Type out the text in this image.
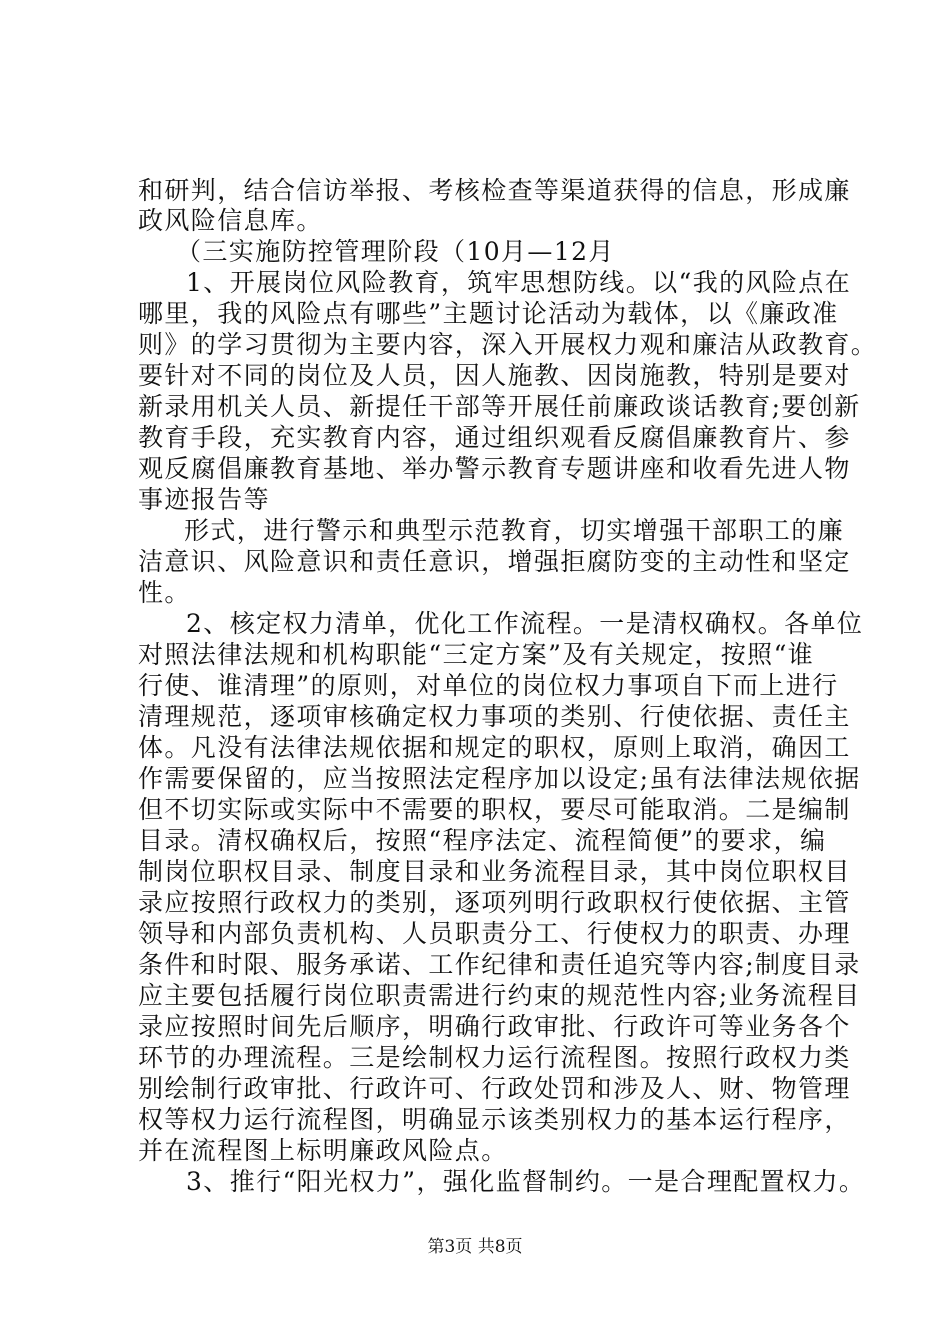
和研判，结合信访举报、考核检查等渠道获得的信息，形成廉
政风险信息库。
（三实施防控管理阶段（10月—12月
1、开展岗位风险教育，筑牢思想防线。以“我的风险点在
哪里，我的风险点有哪些”主题讨论活动为载体，以《廉政准
则》的学习贯彻为主要内容，深入开展权力观和廉洁从政教育。
要针对不同的岗位及人员，因人施教、因岗施教，特别是要对
新录用机关人员、新提任干部等开展任前廉政谈话教育;要创新
教育手段，充实教育内容，通过组织观看反腐倡廉教育片、参
观反腐倡廉教育基地、举办警示教育专题讲座和收看先进人物
事迹报告等
形式，进行警示和典型示范教育，切实增强干部职工的廉
洁意识、风险意识和责任意识，增强拒腐防变的主动性和坚定
性。
2、核定权力清单，优化工作流程。一是清权确权。各单位
对照法律法规和机构职能“三定方案”及有关规定，按照“谁
行使、谁清理”的原则，对单位的岗位权力事项自下而上进行
清理规范，逐项审核确定权力事项的类别、行使依据、责任主
体。凡没有法律法规依据和规定的职权，原则上取消，确因工
作需要保留的，应当按照法定程序加以设定;虽有法律法规依据
但不切实际或实际中不需要的职权，要尽可能取消。二是编制
目录。清权确权后，按照“程序法定、流程简便”的要求，编
制岗位职权目录、制度目录和业务流程目录，其中岗位职权目
录应按照行政权力的类别，逐项列明行政职权行使依据、主管
领导和内部负责机构、人员职责分工、行使权力的职责、办理
条件和时限、服务承诺、工作纪律和责任追究等内容;制度目录
应主要包括履行岗位职责需进行约束的规范性内容;业务流程目
录应按照时间先后顺序，明确行政审批、行政许可等业务各个
环节的办理流程。三是绘制权力运行流程图。按照行政权力类
别绘制行政审批、行政许可、行政处罚和涉及人、财、物管理
权等权力运行流程图，明确显示该类别权力的基本运行程序，
并在流程图上标明廉政风险点。
3、推行“阳光权力”，强化监督制约。一是合理配置权力。
第3页 共8页
